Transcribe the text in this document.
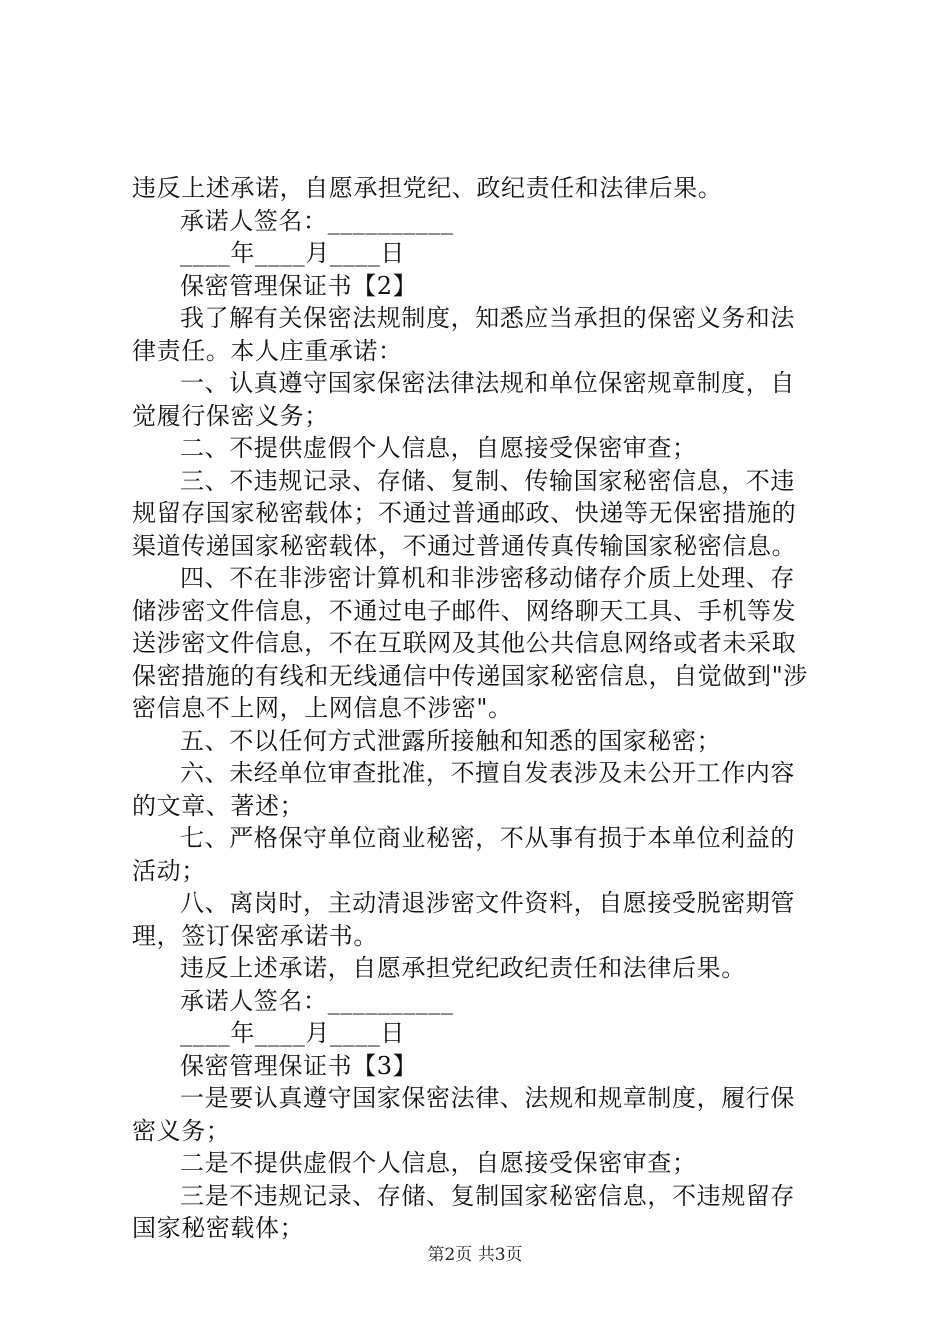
违反上述承诺，自愿承担党纪、政纪责任和法律后果。
承诺人签名：__________
____年____月____日
保密管理保证书【2】
我了解有关保密法规制度，知悉应当承担的保密义务和法
律责任。本人庄重承诺：
一、认真遵守国家保密法律法规和单位保密规章制度，自
觉履行保密义务；
二、不提供虚假个人信息，自愿接受保密审查；
三、不违规记录、存储、复制、传输国家秘密信息，不违
规留存国家秘密载体；不通过普通邮政、快递等无保密措施的
渠道传递国家秘密载体，不通过普通传真传输国家秘密信息。
四、不在非涉密计算机和非涉密移动储存介质上处理、存
储涉密文件信息，不通过电子邮件、网络聊天工具、手机等发
送涉密文件信息，不在互联网及其他公共信息网络或者未采取
保密措施的有线和无线通信中传递国家秘密信息，自觉做到"涉
密信息不上网，上网信息不涉密"。
五、不以任何方式泄露所接触和知悉的国家秘密；
六、未经单位审查批准，不擅自发表涉及未公开工作内容
的文章、著述；
七、严格保守单位商业秘密，不从事有损于本单位利益的
活动；
八、离岗时，主动清退涉密文件资料，自愿接受脱密期管
理，签订保密承诺书。
违反上述承诺，自愿承担党纪政纪责任和法律后果。
承诺人签名：__________
____年____月____日
保密管理保证书【3】
一是要认真遵守国家保密法律、法规和规章制度，履行保
密义务；
二是不提供虚假个人信息，自愿接受保密审查；
三是不违规记录、存储、复制国家秘密信息，不违规留存
国家秘密载体；
第2页 共3页
